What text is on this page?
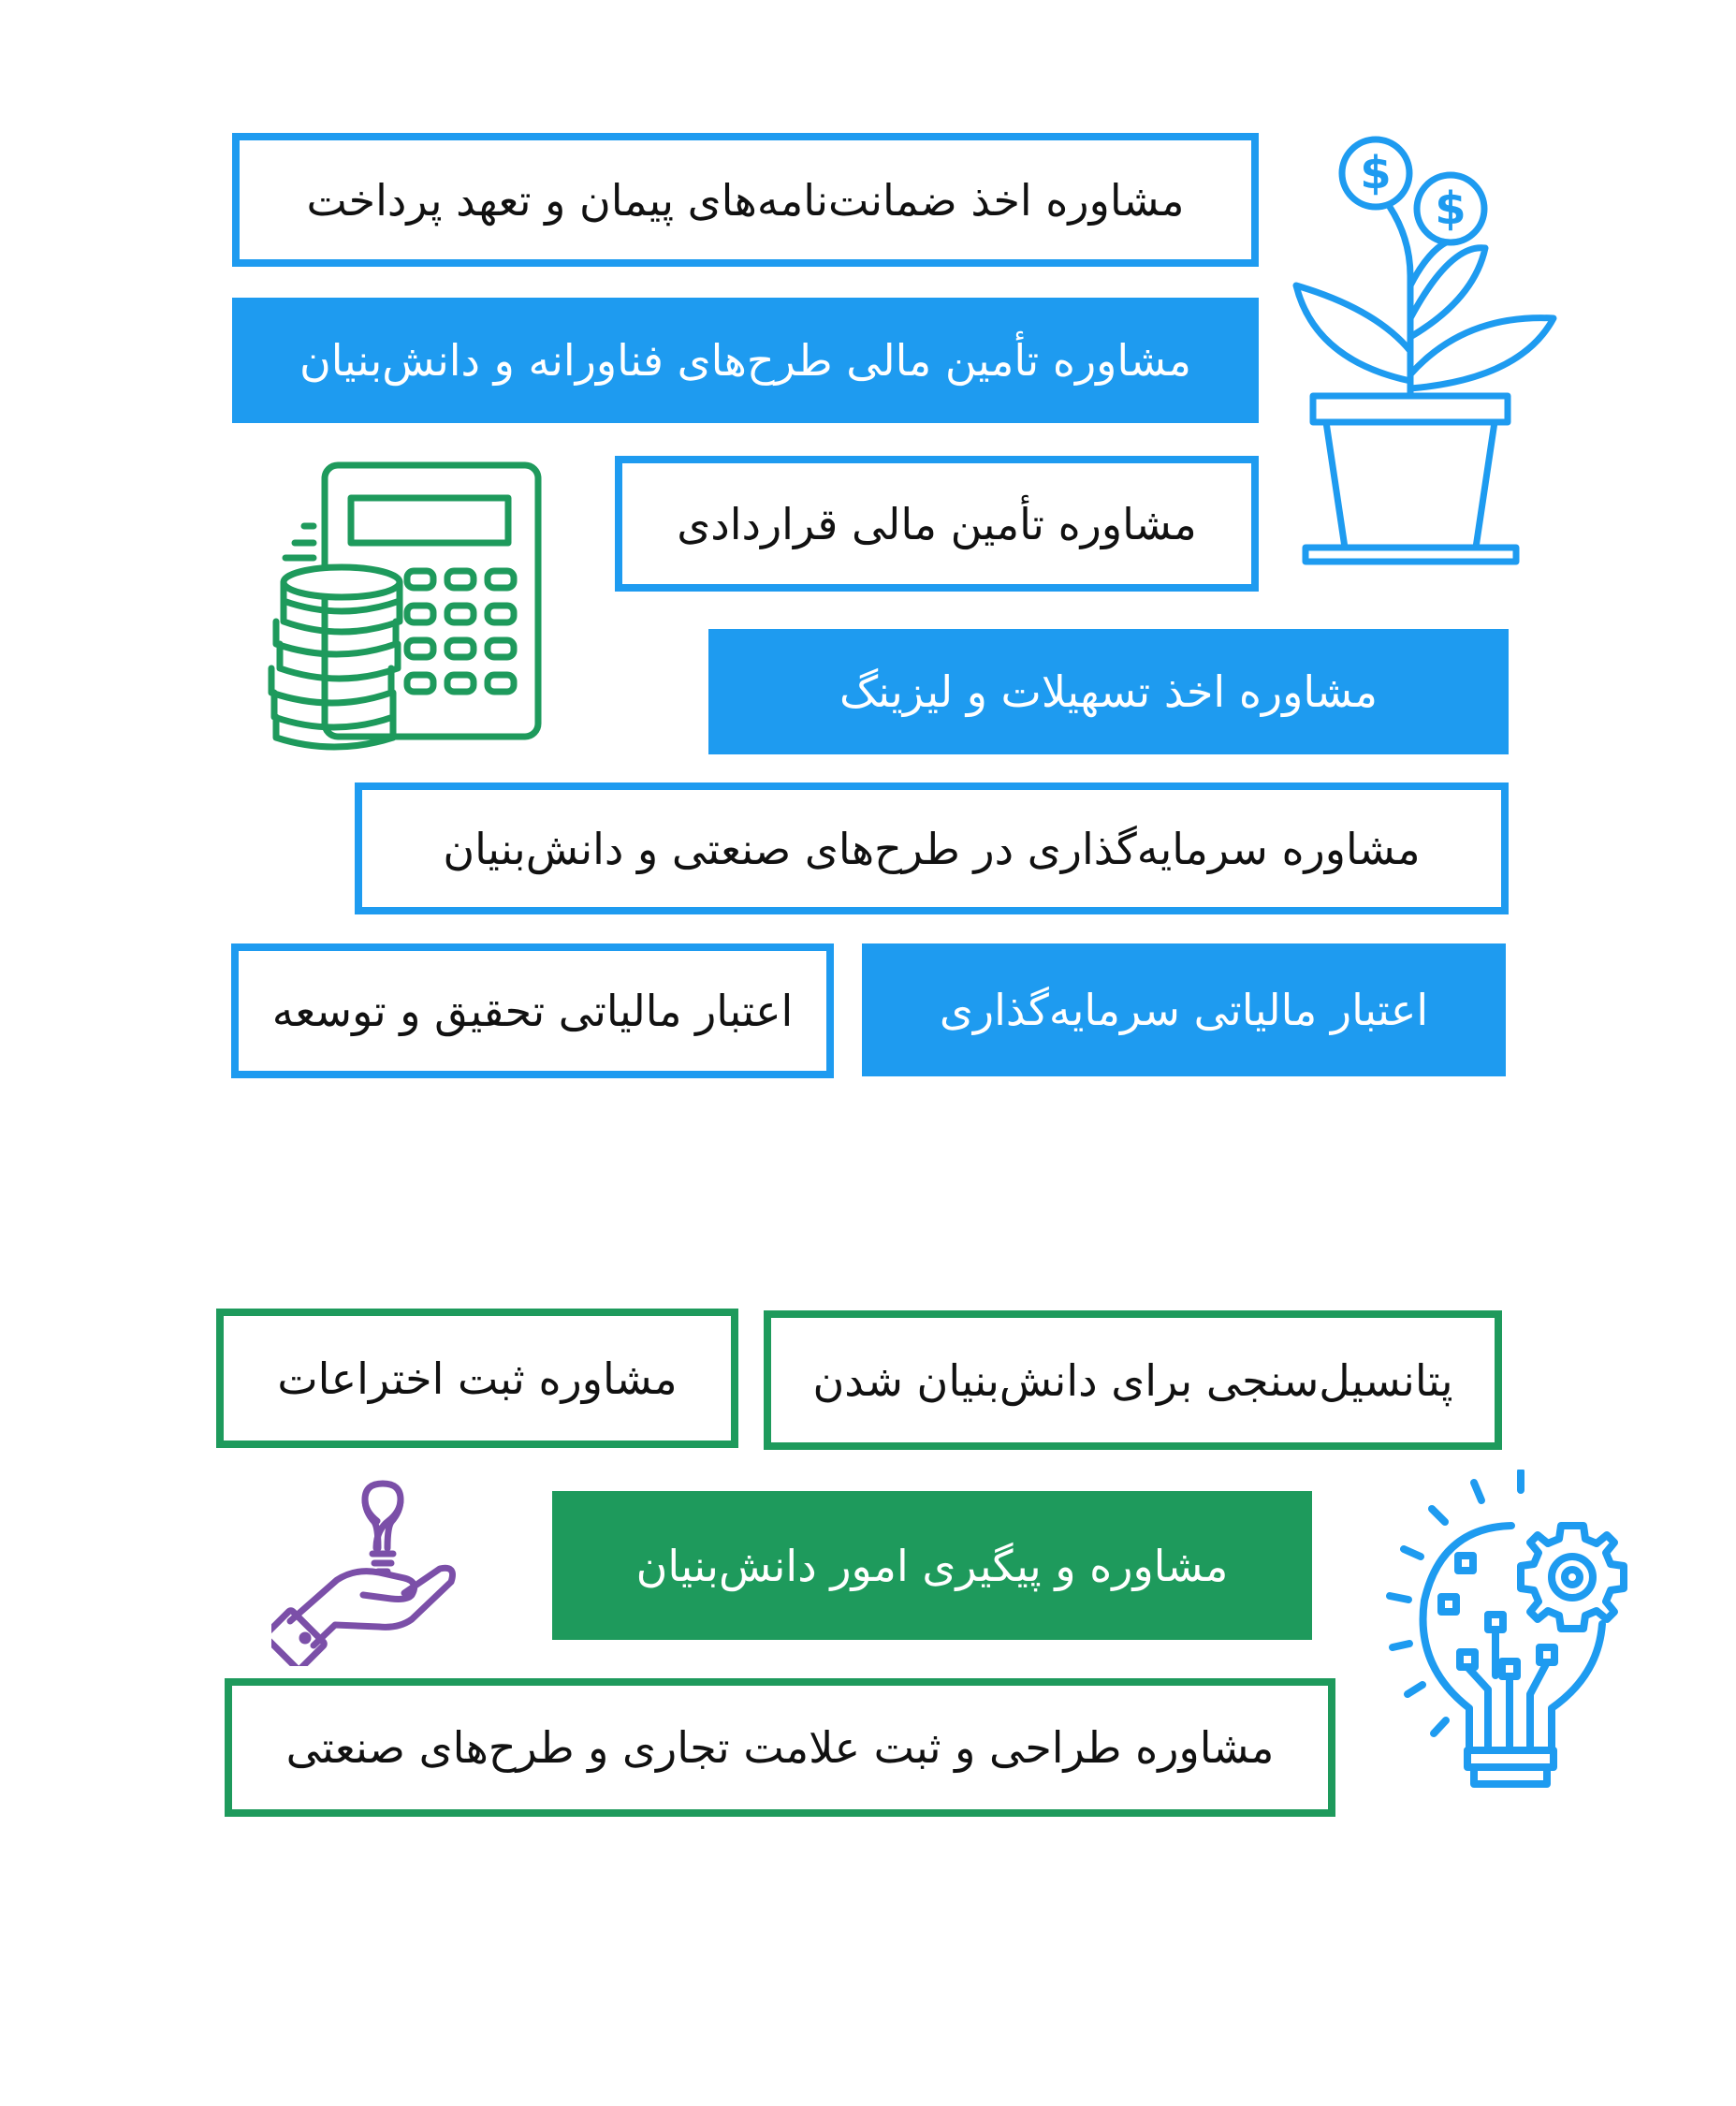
مشاوره اخذ ضمانت‌نامه‌های پیمان و تعهد پرداخت
مشاوره تأمین مالی طرح‌های فناورانه و دانش‌بنیان
مشاوره تأمین مالی قراردادی
مشاوره اخذ تسهیلات و لیزینگ
مشاوره سرمایه‌گذاری در طرح‌های صنعتی و دانش‌بنیان
اعتبار مالیاتی سرمایه‌گذاری
اعتبار مالیاتی تحقیق و توسعه
$
$
پتانسیل‌سنجی برای دانش‌بنیان شدن
مشاوره ثبت اختراعات
مشاوره و پیگیری امور دانش‌بنیان
مشاوره طراحی و ثبت علامت تجاری و طرح‌های صنعتی
